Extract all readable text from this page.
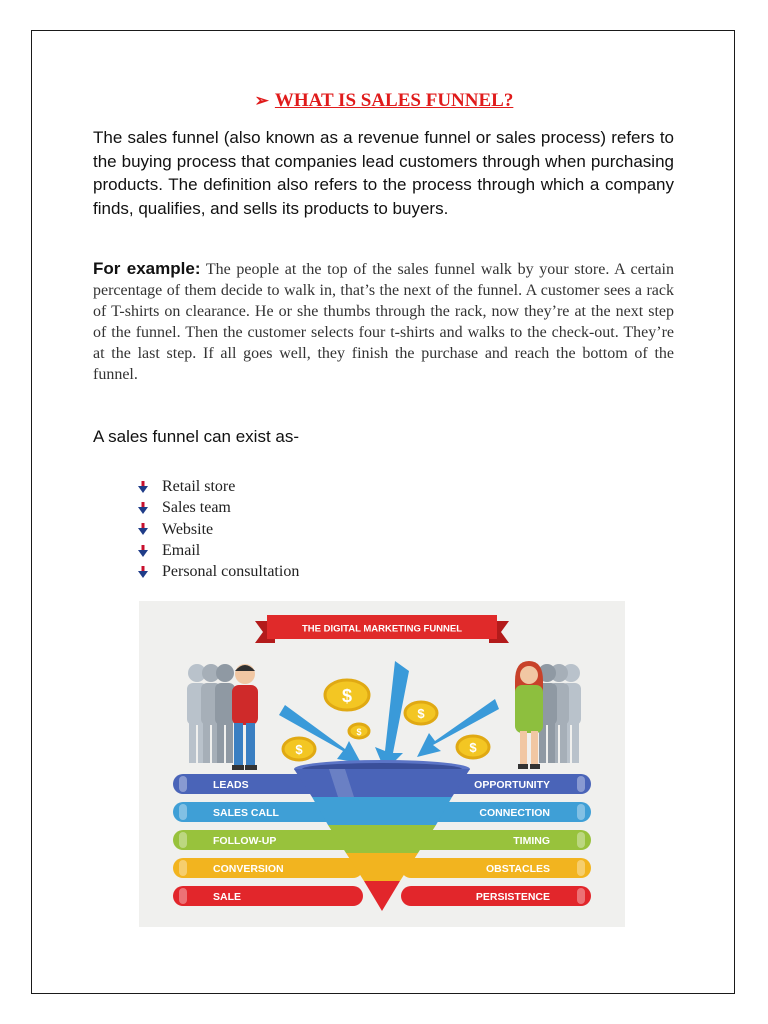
➢ WHAT IS SALES FUNNEL?
The sales funnel (also known as a revenue funnel or sales process) refers to the buying process that companies lead customers through when purchasing products. The definition also refers to the process through which a company finds, qualifies, and sells its products to buyers.
For example: The people at the top of the sales funnel walk by your store. A certain percentage of them decide to walk in, that’s the next of the funnel. A customer sees a rack of T-shirts on clearance. He or she thumbs through the rack, now they’re at the next step of the funnel. Then the customer selects four t-shirts and walks to the check-out. They’re at the last step. If all goes well, they finish the purchase and reach the bottom of the funnel.
A sales funnel can exist as-
Retail store
Sales team
Website
Email
Personal consultation
THE DIGITAL MARKETING FUNNEL
$
$
$	$
$
LEADS
SALES CALL
FOLLOW-UP
CONVERSION
SALE
OPPORTUNITY
CONNECTION
TIMING
OBSTACLES
PERSISTENCE
